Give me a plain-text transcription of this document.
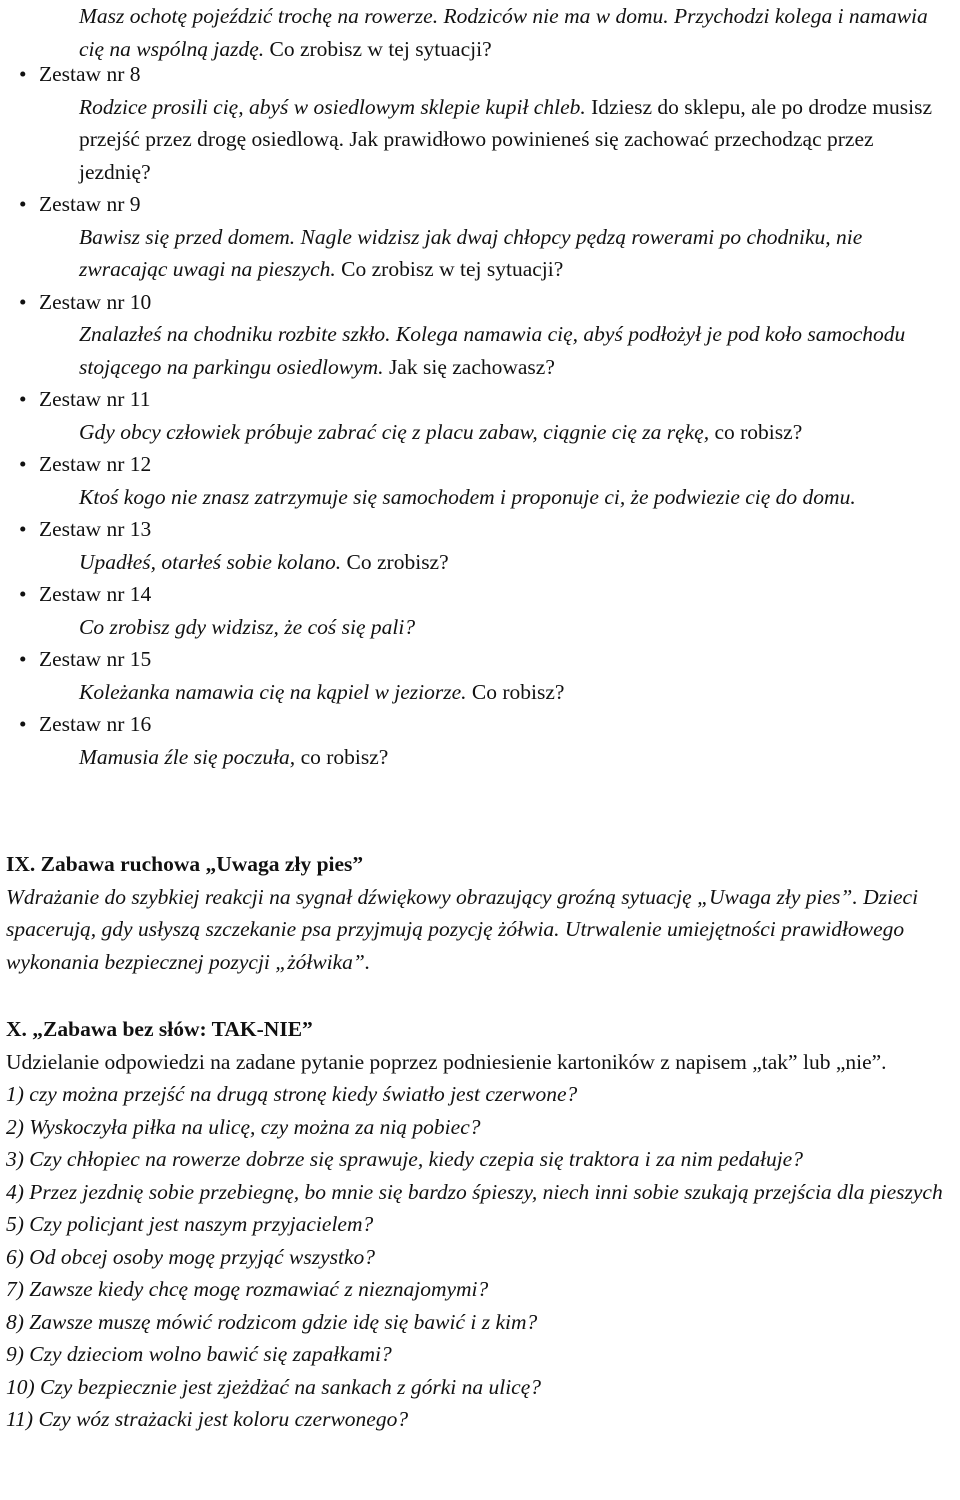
Masz ochotę pojeździć trochę na rowerze. Rodziców nie ma w domu. Przychodzi kolega i namawia cię na wspólną jazdę. Co zrobisz w tej sytuacji?
• Zestaw nr 8
Rodzice prosili cię, abyś w osiedlowym sklepie kupił chleb. Idziesz do sklepu, ale po drodze musisz przejść przez drogę osiedlową. Jak prawidłowo powinieneś się zachować przechodząc przez jezdnię?
• Zestaw nr 9
Bawisz się przed domem. Nagle widzisz jak dwaj chłopcy pędzą rowerami po chodniku, nie zwracając uwagi na pieszych. Co zrobisz w tej sytuacji?
• Zestaw nr 10
Znalazłeś na chodniku rozbite szkło. Kolega namawia cię, abyś podłożył je pod koło samochodu stojącego na parkingu osiedlowym. Jak się zachowasz?
• Zestaw nr 11
Gdy obcy człowiek próbuje zabrać cię z placu zabaw, ciągnie cię za rękę, co robisz?
• Zestaw nr 12
Ktoś kogo nie znasz zatrzymuje się samochodem i proponuje ci, że podwiezie cię do domu.
• Zestaw nr 13
Upadłeś, otarłeś sobie kolano. Co zrobisz?
• Zestaw nr 14
Co zrobisz gdy widzisz, że coś się pali?
• Zestaw nr 15
Koleżanka namawia cię na kąpiel w jeziorze. Co robisz?
• Zestaw nr 16
Mamusia źle się poczuła, co robisz?
IX. Zabawa ruchowa „Uwaga zły pies”
Wdrażanie do szybkiej reakcji na sygnał dźwiękowy obrazujący groźną sytuację „Uwaga zły pies”. Dzieci spacerują, gdy usłyszą szczekanie psa przyjmują pozycję żółwia. Utrwalenie umiejętności prawidłowego wykonania bezpiecznej pozycji „żółwika”.
X. „Zabawa bez słów: TAK-NIE”
Udzielanie odpowiedzi na zadane pytanie poprzez podniesienie kartoników z napisem „tak” lub „nie”.
1) czy można przejść na drugą stronę kiedy światło jest czerwone?
2) Wyskoczyła piłka na ulicę, czy można za nią pobiec?
3) Czy chłopiec na rowerze dobrze się sprawuje, kiedy czepia się traktora i za nim pedałuje?
4) Przez jezdnię sobie przebiegnę, bo mnie się bardzo śpieszy, niech inni sobie szukają przejścia dla pieszych
5) Czy policjant jest naszym przyjacielem?
6) Od obcej osoby mogę przyjąć wszystko?
7) Zawsze kiedy chcę mogę rozmawiać z nieznajomymi?
8) Zawsze muszę mówić rodzicom gdzie idę się bawić i z kim?
9) Czy dzieciom wolno bawić się zapałkami?
10) Czy bezpiecznie jest zjeżdżać na sankach z górki na ulicę?
11) Czy wóz strażacki jest koloru czerwonego?
